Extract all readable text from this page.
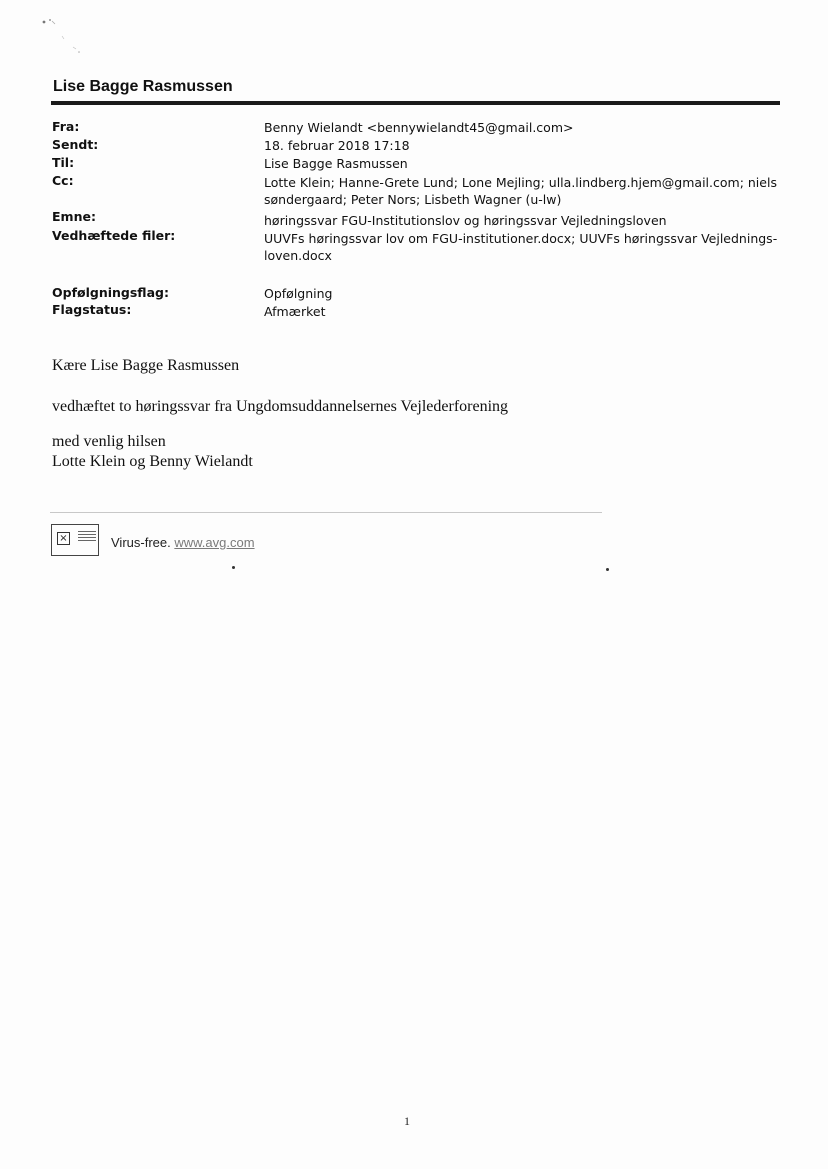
Lise Bagge Rasmussen
Fra:	Benny Wielandt <bennywielandt45@gmail.com>
Sendt:	18. februar 2018 17:18
Til:	Lise Bagge Rasmussen
Cc:	Lotte Klein; Hanne-Grete Lund; Lone Mejling; ulla.lindberg.hjem@gmail.com; niels
søndergaard; Peter Nors; Lisbeth Wagner (u-lw)
Emne:	høringssvar FGU-Institutionslov og høringssvar Vejledningsloven
Vedhæftede filer:	UUVFs høringssvar lov om FGU-institutioner.docx; UUVFs høringssvar Vejlednings-
loven.docx
Opfølgningsflag:	Opfølgning
Flagstatus:	Afmærket
Kære Lise Bagge Rasmussen
vedhæftet to høringssvar fra Ungdomsuddannelsernes Vejlederforening
med venlig hilsen
Lotte Klein og Benny Wielandt
×	Virus-free. www.avg.com
1
